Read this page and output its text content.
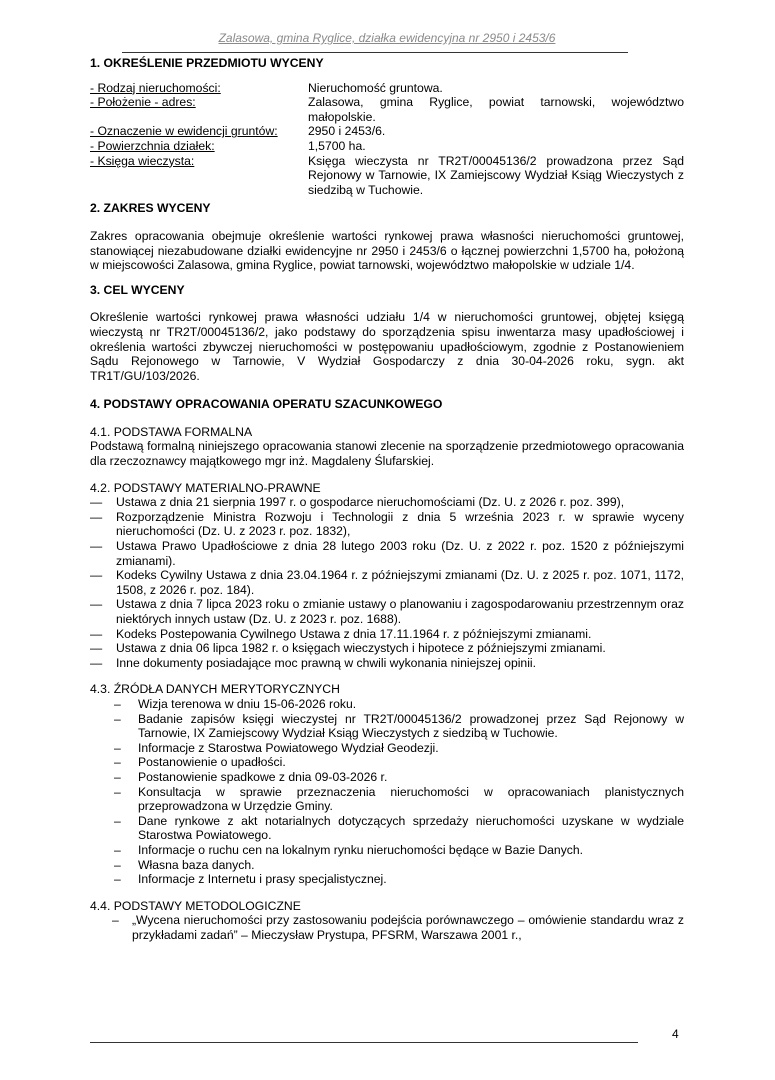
Zalasowa, gmina Ryglice, działka ewidencyjna nr 2950 i 2453/6
1. OKREŚLENIE PRZEDMIOTU WYCENY
- Rodzaj nieruchomości:	Nieruchomość gruntowa.
- Położenie - adres:	Zalasowa, gmina Ryglice, powiat tarnowski, województwo małopolskie.
- Oznaczenie w ewidencji gruntów:	2950 i 2453/6.
- Powierzchnia działek:	1,5700 ha.
- Księga wieczysta:	Księga wieczysta nr TR2T/00045136/2 prowadzona przez Sąd Rejonowy w Tarnowie, IX Zamiejscowy Wydział Ksiąg Wieczystych z siedzibą w Tuchowie.
2. ZAKRES WYCENY

Zakres opracowania obejmuje określenie wartości rynkowej prawa własności nieruchomości gruntowej, stanowiącej niezabudowane działki ewidencyjne nr 2950 i 2453/6 o łącznej powierzchni 1,5700 ha, położoną w miejscowości Zalasowa, gmina Ryglice, powiat tarnowski, województwo małopolskie w udziale 1/4.

3. CEL WYCENY

Określenie wartości rynkowej prawa własności udziału 1/4 w nieruchomości gruntowej, objętej księgą wieczystą nr TR2T/00045136/2, jako podstawy do sporządzenia spisu inwentarza masy upadłościowej i określenia wartości zbywczej nieruchomości w postępowaniu upadłościowym, zgodnie z Postanowieniem Sądu Rejonowego w Tarnowie, V Wydział Gospodarczy z dnia 30-04-2026 roku, sygn. akt TR1T/GU/103/2026.

4. PODSTAWY OPRACOWANIA OPERATU SZACUNKOWEGO
4.1. PODSTAWA FORMALNA

Podstawą formalną niniejszego opracowania stanowi zlecenie na sporządzenie przedmiotowego opracowania dla rzeczoznawcy majątkowego mgr inż. Magdaleny Ślufarskiej.

4.2. PODSTAWY MATERIALNO-PRAWNE
— Ustawa z dnia 21 sierpnia 1997 r. o gospodarce nieruchomościami (Dz. U. z 2026 r. poz. 399),
— Rozporządzenie Ministra Rozwoju i Technologii z dnia 5 września 2023 r. w sprawie wyceny nieruchomości (Dz. U. z 2023 r. poz. 1832),
— Ustawa Prawo Upadłościowe z dnia 28 lutego 2003 roku (Dz. U. z 2022 r. poz. 1520 z późniejszymi zmianami).
— Kodeks Cywilny Ustawa z dnia 23.04.1964 r. z późniejszymi zmianami (Dz. U. z 2025 r. poz. 1071, 1172, 1508, z 2026 r. poz. 184).
— Ustawa z dnia 7 lipca 2023 roku o zmianie ustawy o planowaniu i zagospodarowaniu przestrzennym oraz niektórych innych ustaw (Dz. U. z 2023 r. poz. 1688).
— Kodeks Postepowania Cywilnego Ustawa z dnia 17.11.1964 r. z późniejszymi zmianami.
— Ustawa z dnia 06 lipca 1982 r. o księgach wieczystych i hipotece z późniejszymi zmianami.
— Inne dokumenty posiadające moc prawną w chwili wykonania niniejszej opinii.
4.3. ŹRÓDŁA DANYCH MERYTORYCZNYCH
– Wizja terenowa w dniu 15-06-2026 roku.
– Badanie zapisów księgi wieczystej nr TR2T/00045136/2 prowadzonej przez Sąd Rejonowy w Tarnowie, IX Zamiejscowy Wydział Ksiąg Wieczystych z siedzibą w Tuchowie.
– Informacje z Starostwa Powiatowego Wydział Geodezji.
– Postanowienie o upadłości.
– Postanowienie spadkowe z dnia 09-03-2026 r.
– Konsultacja w sprawie przeznaczenia nieruchomości w opracowaniach planistycznych przeprowadzona w Urzędzie Gminy.
– Dane rynkowe z akt notarialnych dotyczących sprzedaży nieruchomości uzyskane w wydziale Starostwa Powiatowego.
– Informacje o ruchu cen na lokalnym rynku nieruchomości będące w Bazie Danych.
– Własna baza danych.
– Informacje z Internetu i prasy specjalistycznej.
4.4. PODSTAWY METODOLOGICZNE
– „Wycena nieruchomości przy zastosowaniu podejścia porównawczego – omówienie standardu wraz z przykładami zadań” – Mieczysław Prystupa, PFSRM, Warszawa 2001 r.,
4
